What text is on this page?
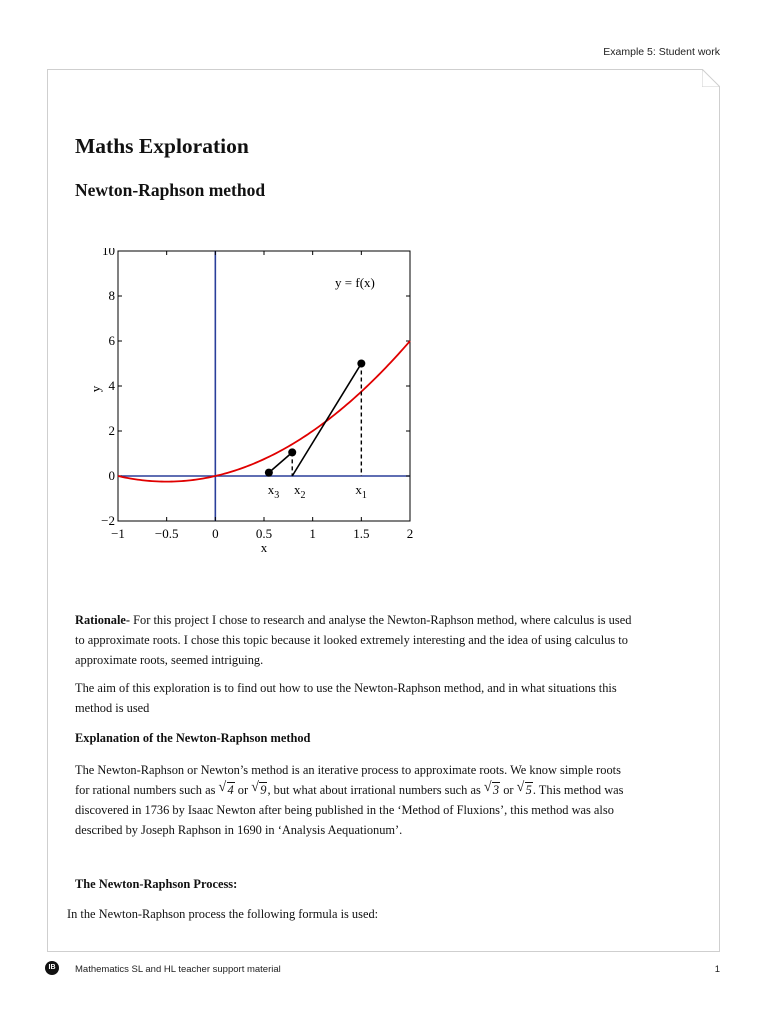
Example 5: Student work
Maths Exploration
Newton-Raphson method
−1 −0.5	0	0.5	1	1.5	2
10
8
6
4
2
0
−2
x
y
y = f(x)
$x_3$ $x_2$	$x_1$
Rationale- For this project I chose to research and analyse the Newton-Raphson method, where calculus is used to approximate roots. I chose this topic because it looked extremely interesting and the idea of using calculus to approximate roots, seemed intriguing.
The aim of this exploration is to find out how to use the Newton-Raphson method, and in what situations this method is used
Explanation of the Newton-Raphson method
The Newton-Raphson or Newton’s method is an iterative process to approximate roots. We know simple roots for rational numbers such as √ 4 or √ 9, but what about irrational numbers such as √ 3 or √ 5. This method was discovered in 1736 by Isaac Newton after being published in the ‘Method of Fluxions’, this method was also described by Joseph Raphson in 1690 in ‘Analysis Aequationum’.
The Newton-Raphson Process:
In the Newton-Raphson process the following formula is used:
IB	Mathematics SL and HL teacher support material	1
